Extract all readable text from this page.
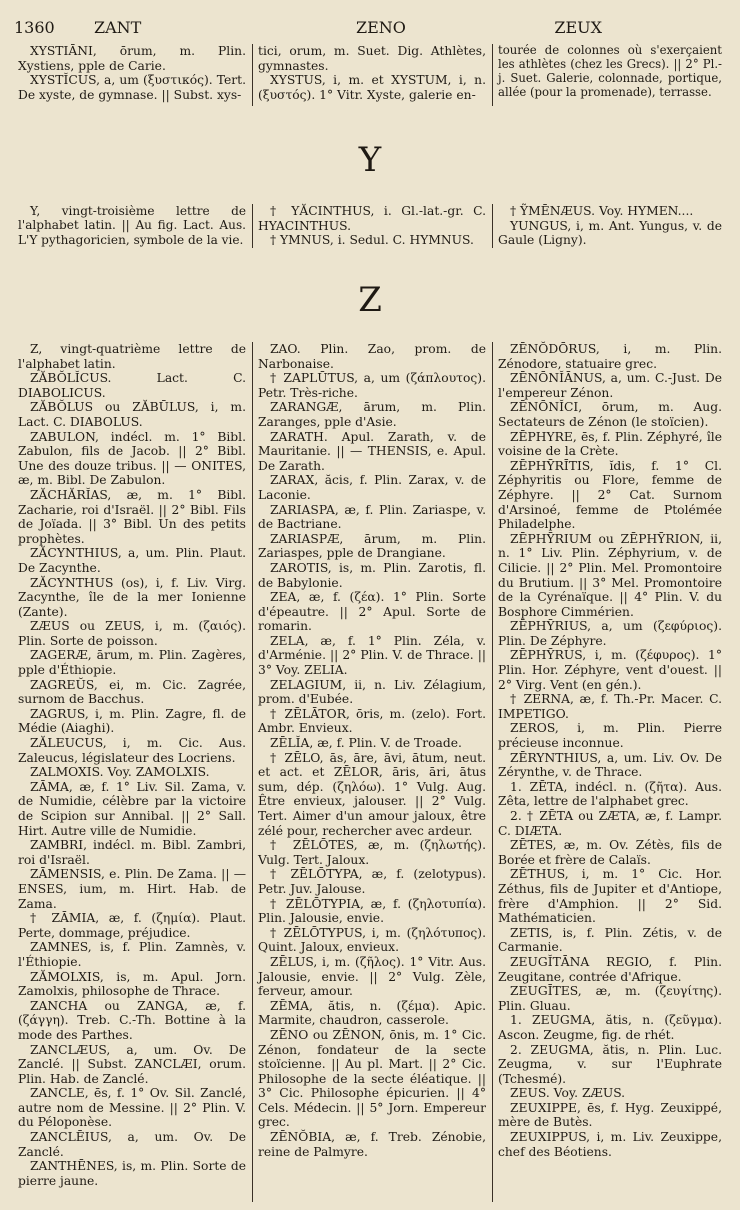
1360 ZANT	ZENO	ZEUX

XYSTIĀNI, ōrum, m. Plin. Xystiens, pple de Carie.

XYSTĬCUS, a, um (ξυστικός). Tert. De xyste, de gymnase. || Subst. xys-

tici, orum, m. Suet. Dig. Athlètes, gymnastes.

XYSTUS, i, m. et XYSTUM, i, n. (ξυστός). 1° Vitr. Xyste, galerie en-

tourée de colonnes où s'exerçaient les athlètes (chez les Grecs). || 2° Pl.-j. Suet. Galerie, colonnade, portique, allée (pour la promenade), terrasse.

Y

Y, vingt-troisième lettre de l'alphabet latin. || Au fig. Lact. Aus. L'Y pythagoricien, symbole de la vie.

† YĂCINTHUS, i. Gl.-lat.-gr. C. HYACINTHUS.

† YMNUS, i. Sedul. C. HYMNUS.

† ỸMĒNÆUS. Voy. HYMEN....

YUNGUS, i, m. Ant. Yungus, v. de Gaule (Ligny).

Z

Z, vingt-quatrième lettre de l'alphabet latin.

ZĂBŎLĬCUS. Lact. C. DIABOLICUS.

ZĂBŎLUS ou ZĂBŪLUS, i, m. Lact. C. DIABOLUS.

ZABULON, indécl. m. 1° Bibl. Zabulon, fils de Jacob. || 2° Bibl. Une des douze tribus. || — ONITES, æ, m. Bibl. De Zabulon.

ZĂCHĂRĬAS, æ, m. 1° Bibl. Zacharie, roi d'Israël. || 2° Bibl. Fils de Joïada. || 3° Bibl. Un des petits prophètes.

ZĂCYNTHIUS, a, um. Plin. Plaut. De Zacynthe.

ZĂCYNTHUS (os), i, f. Liv. Virg. Zacynthe, île de la mer Ionienne (Zante).

ZÆUS ou ZEUS, i, m. (ζαιός). Plin. Sorte de poisson.

ZAGERÆ, ārum, m. Plin. Zagères, pple d'Éthiopie.

ZAGREŬS, ei, m. Cic. Zagrée, surnom de Bacchus.

ZAGRUS, i, m. Plin. Zagre, fl. de Médie (Aiaghi).

ZĂLEUCUS, i, m. Cic. Aus. Zaleucus, législateur des Locriens.

ZALMOXIS. Voy. ZAMOLXIS.

ZĀMA, æ, f. 1° Liv. Sil. Zama, v. de Numidie, célèbre par la victoire de Scipion sur Annibal. || 2° Sall. Hirt. Autre ville de Numidie.

ZAMBRI, indécl. m. Bibl. Zambri, roi d'Israël.

ZĀMENSIS, e. Plin. De Zama. || — ENSES, ium, m. Hirt. Hab. de Zama.

† ZĀMIA, æ, f. (ζημία). Plaut. Perte, dommage, préjudice.

ZAMNES, is, f. Plin. Zamnès, v. l'Éthiopie.

ZĂMOLXIS, is, m. Apul. Jorn. Zamolxis, philosophe de Thrace.

ZANCHA ou ZANGA, æ, f. (ζάγγη). Treb. C.-Th. Bottine à la mode des Parthes.

ZANCLÆUS, a, um. Ov. De Zanclé. || Subst. ZANCLÆI, orum. Plin. Hab. de Zanclé.

ZANCLE, ēs, f. 1° Ov. Sil. Zanclé, autre nom de Messine. || 2° Plin. V. du Péloponèse.

ZANCLĒIUS, a, um. Ov. De Zanclé.

ZANTHĒNES, is, m. Plin. Sorte de pierre jaune.

ZAO. Plin. Zao, prom. de Narbonaise.

† ZAPLŪTUS, a, um (ζάπλουτος). Petr. Très-riche.

ZARANGÆ, ārum, m. Plin. Zaranges, pple d'Asie.

ZARATH. Apul. Zarath, v. de Mauritanie. || — THENSIS, e. Apul. De Zarath.

ZARAX, ăcis, f. Plin. Zarax, v. de Laconie.

ZARIASPA, æ, f. Plin. Zariaspe, v. de Bactriane.

ZARIASPÆ, ārum, m. Plin. Zariaspes, pple de Drangiane.

ZAROTIS, is, m. Plin. Zarotis, fl. de Babylonie.

ZEA, æ, f. (ζέα). 1° Plin. Sorte d'épeautre. || 2° Apul. Sorte de romarin.

ZELA, æ, f. 1° Plin. Zéla, v. d'Arménie. || 2° Plin. V. de Thrace. || 3° Voy. ZELIA.

ZELAGIUM, ii, n. Liv. Zélagium, prom. d'Eubée.

† ZĒLĀTOR, ōris, m. (zelo). Fort. Ambr. Envieux.

ZĒLĬA, æ, f. Plin. V. de Troade.

† ZĒLO, ās, āre, āvi, ātum, neut. et act. et ZĒLOR, āris, āri, ātus sum, dép. (ζηλόω). 1° Vulg. Aug. Être envieux, jalouser. || 2° Vulg. Tert. Aimer d'un amour jaloux, être zélé pour, rechercher avec ardeur.

† ZĒLŌTES, æ, m. (ζηλωτής). Vulg. Tert. Jaloux.

† ZĒLŌTYPA, æ, f. (zelotypus). Petr. Juv. Jalouse.

† ZĒLŌTYPIA, æ, f. (ζηλοτυπία). Plin. Jalousie, envie.

† ZĒLŌTYPUS, i, m. (ζηλότυπος). Quint. Jaloux, envieux.

ZĒLUS, i, m. (ζῆλος). 1° Vitr. Aus. Jalousie, envie. || 2° Vulg. Zèle, ferveur, amour.

ZĒMA, ătis, n. (ζέμα). Apic. Marmite, chaudron, casserole.

ZĒNO ou ZĒNON, ōnis, m. 1° Cic. Zénon, fondateur de la secte stoïcienne. || Au pl. Mart. || 2° Cic. Philosophe de la secte éléatique. || 3° Cic. Philosophe épicurien. || 4° Cels. Médecin. || 5° Jorn. Empereur grec.

ZĒNŎBIA, æ, f. Treb. Zénobie, reine de Palmyre.

ZĒNŎDŌRUS, i, m. Plin. Zénodore, statuaire grec.

ZĒNŌNĬĀNUS, a, um. C.-Just. De l'empereur Zénon.

ZĒNŌNĬCI, ōrum, m. Aug. Sectateurs de Zénon (le stoïcien).

ZĒPHYRE, ēs, f. Plin. Zéphyré, île voisine de la Crète.

ZĒPHȲRĪTIS, ĭdis, f. 1° Cl. Zéphyritis ou Flore, femme de Zéphyre. || 2° Cat. Surnom d'Arsinoé, femme de Ptolémée Philadelphe.

ZĒPHȲRIUM ou ZĒPHȲRION, ii, n. 1° Liv. Plin. Zéphyrium, v. de Cilicie. || 2° Plin. Mel. Promontoire du Brutium. || 3° Mel. Promontoire de la Cyrénaïque. || 4° Plin. V. du Bosphore Cimmérien.

ZĒPHȲRIUS, a, um (ζεφύριος). Plin. De Zéphyre.

ZĒPHȲRUS, i, m. (ζέφυρος). 1° Plin. Hor. Zéphyre, vent d'ouest. || 2° Virg. Vent (en gén.).

† ZERNA, æ, f. Th.-Pr. Macer. C. IMPETIGO.

ZEROS, i, m. Plin. Pierre précieuse inconnue.

ZĒRYNTHIUS, a, um. Liv. Ov. De Zérynthe, v. de Thrace.

1. ZĒTA, indécl. n. (ζῆτα). Aus. Zêta, lettre de l'alphabet grec.

2. † ZĒTA ou ZÆTA, æ, f. Lampr. C. DIÆTA.

ZĒTES, æ, m. Ov. Zétès, fils de Borée et frère de Calaïs.

ZĒTHUS, i, m. 1° Cic. Hor. Zéthus, fils de Jupiter et d'Antiope, frère d'Amphion. || 2° Sid. Mathématicien.

ZETIS, is, f. Plin. Zétis, v. de Carmanie.

ZEUGĬTĀNA REGIO, f. Plin. Zeugitane, contrée d'Afrique.

ZEUGĪTES, æ, m. (ζευγίτης). Plin. Gluau.

1. ZEUGMA, ătis, n. (ζεῦγμα). Ascon. Zeugme, fig. de rhét.

2. ZEUGMA, ătis, n. Plin. Luc. Zeugma, v. sur l'Euphrate (Tchesmé).

ZEUS. Voy. ZÆUS.

ZEUXIPPE, ēs, f. Hyg. Zeuxippé, mère de Butès.

ZEUXIPPUS, i, m. Liv. Zeuxippe, chef des Béotiens.
